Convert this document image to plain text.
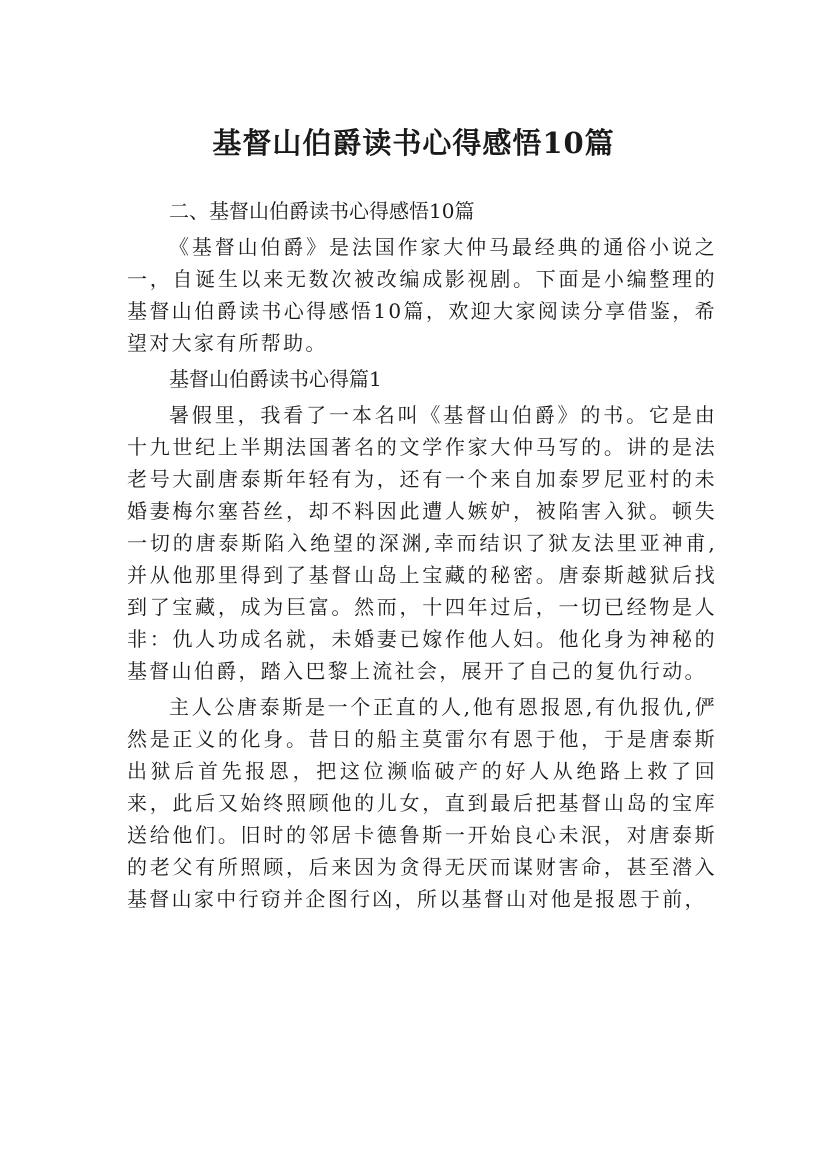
基督山伯爵读书心得感悟10篇

二、基督山伯爵读书心得感悟10篇

《基督山伯爵》是法国作家大仲马最经典的通俗小说之一，自诞生以来无数次被改编成影视剧。下面是小编整理的基督山伯爵读书心得感悟10篇，欢迎大家阅读分享借鉴，希望对大家有所帮助。

基督山伯爵读书心得篇1

暑假里，我看了一本名叫《基督山伯爵》的书。它是由十九世纪上半期法国著名的文学作家大仲马写的。讲的是法老号大副唐泰斯年轻有为，还有一个来自加泰罗尼亚村的未婚妻梅尔塞苔丝，却不料因此遭人嫉妒，被陷害入狱。顿失一切的唐泰斯陷入绝望的深渊,幸而结识了狱友法里亚神甫,并从他那里得到了基督山岛上宝藏的秘密。唐泰斯越狱后找到了宝藏，成为巨富。然而，十四年过后，一切已经物是人非：仇人功成名就，未婚妻已嫁作他人妇。他化身为神秘的基督山伯爵，踏入巴黎上流社会，展开了自己的复仇行动。

主人公唐泰斯是一个正直的人,他有恩报恩,有仇报仇,俨然是正义的化身。昔日的船主莫雷尔有恩于他，于是唐泰斯出狱后首先报恩，把这位濒临破产的好人从绝路上救了回来，此后又始终照顾他的儿女，直到最后把基督山岛的宝库送给他们。旧时的邻居卡德鲁斯一开始良心未泯，对唐泰斯的老父有所照顾，后来因为贪得无厌而谋财害命，甚至潜入基督山家中行窃并企图行凶，所以基督山对他是报恩于前，
